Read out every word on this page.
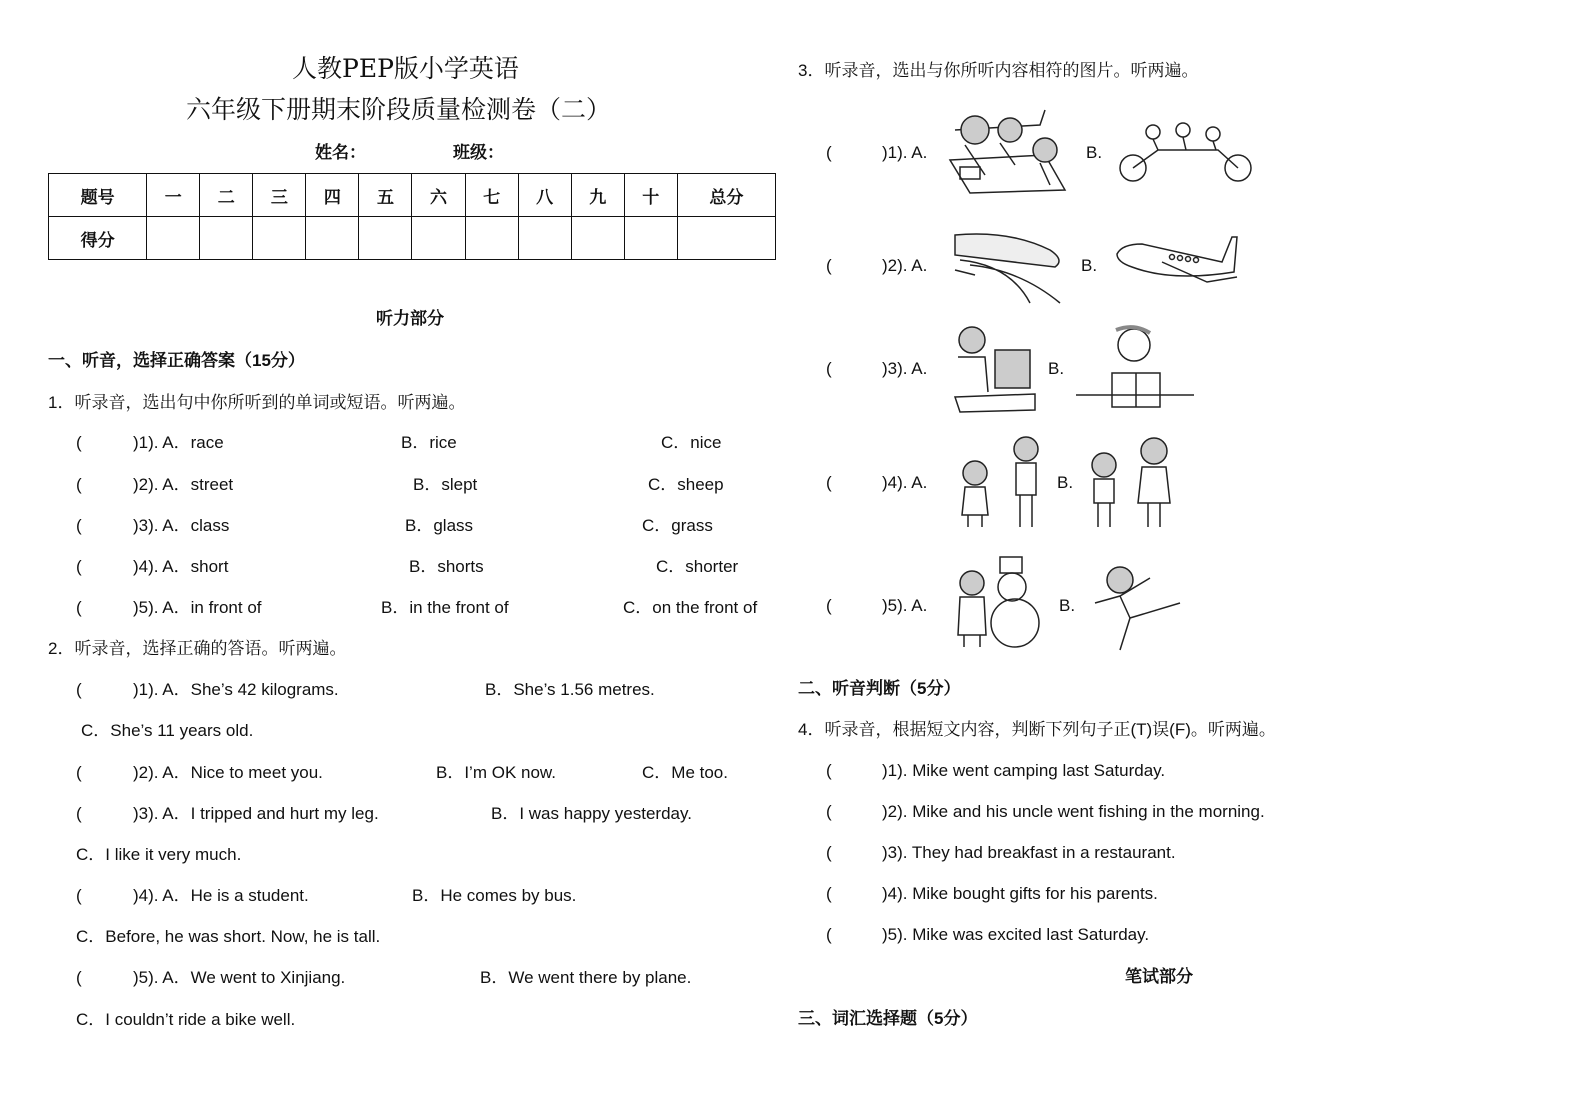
人教PEP版小学英语
六年级下册期末阶段质量检测卷（二）
姓名：	班级：
题号	一	二	三	四	五	六	七	八	九	十	总分
得分											
听力部分
一、听音，选择正确答案（15分）
1．听录音，选出句中你所听到的单词或短语。听两遍。
(	)1). A．race	B．rice	C．nice
(	)2). A．street	B．slept	C．sheep
(	)3). A．class	B．glass	C．grass
(	)4). A．short	B．shorts	C．shorter
(	)5). A．in front of	B．in the front of	C．on the front of
2．听录音，选择正确的答语。听两遍。
(	)1). A．She’s 42 kilograms.	B．She’s 1.56 metres.
C．She’s 11 years old.
(	)2). A．Nice to meet you.	B．I’m OK now.	C．Me too.
(	)3). A．I tripped and hurt my leg.	B．I was happy yesterday.
C．I like it very much.
(	)4). A．He is a student.	B．He comes by bus.
C．Before, he was short. Now, he is tall.
(	)5). A．We went to Xinjiang.	B．We went there by plane.
C．I couldn’t ride a bike well.
3．听录音，选出与你所听内容相符的图片。听两遍。
(	)1). A.	B.
(	)2). A.	B.
(	)3). A.	B.
(	)4). A.	B.
(	)5). A.	B.
二、听音判断（5分）
4．听录音，根据短文内容，判断下列句子正(T)误(F)。听两遍。
(	)1). Mike went camping last Saturday.
(	)2). Mike and his uncle went fishing in the morning.
(	)3). They had breakfast in a restaurant.
(	)4). Mike bought gifts for his parents.
(	)5). Mike was excited last Saturday.
笔试部分
三、词汇选择题（5分）
